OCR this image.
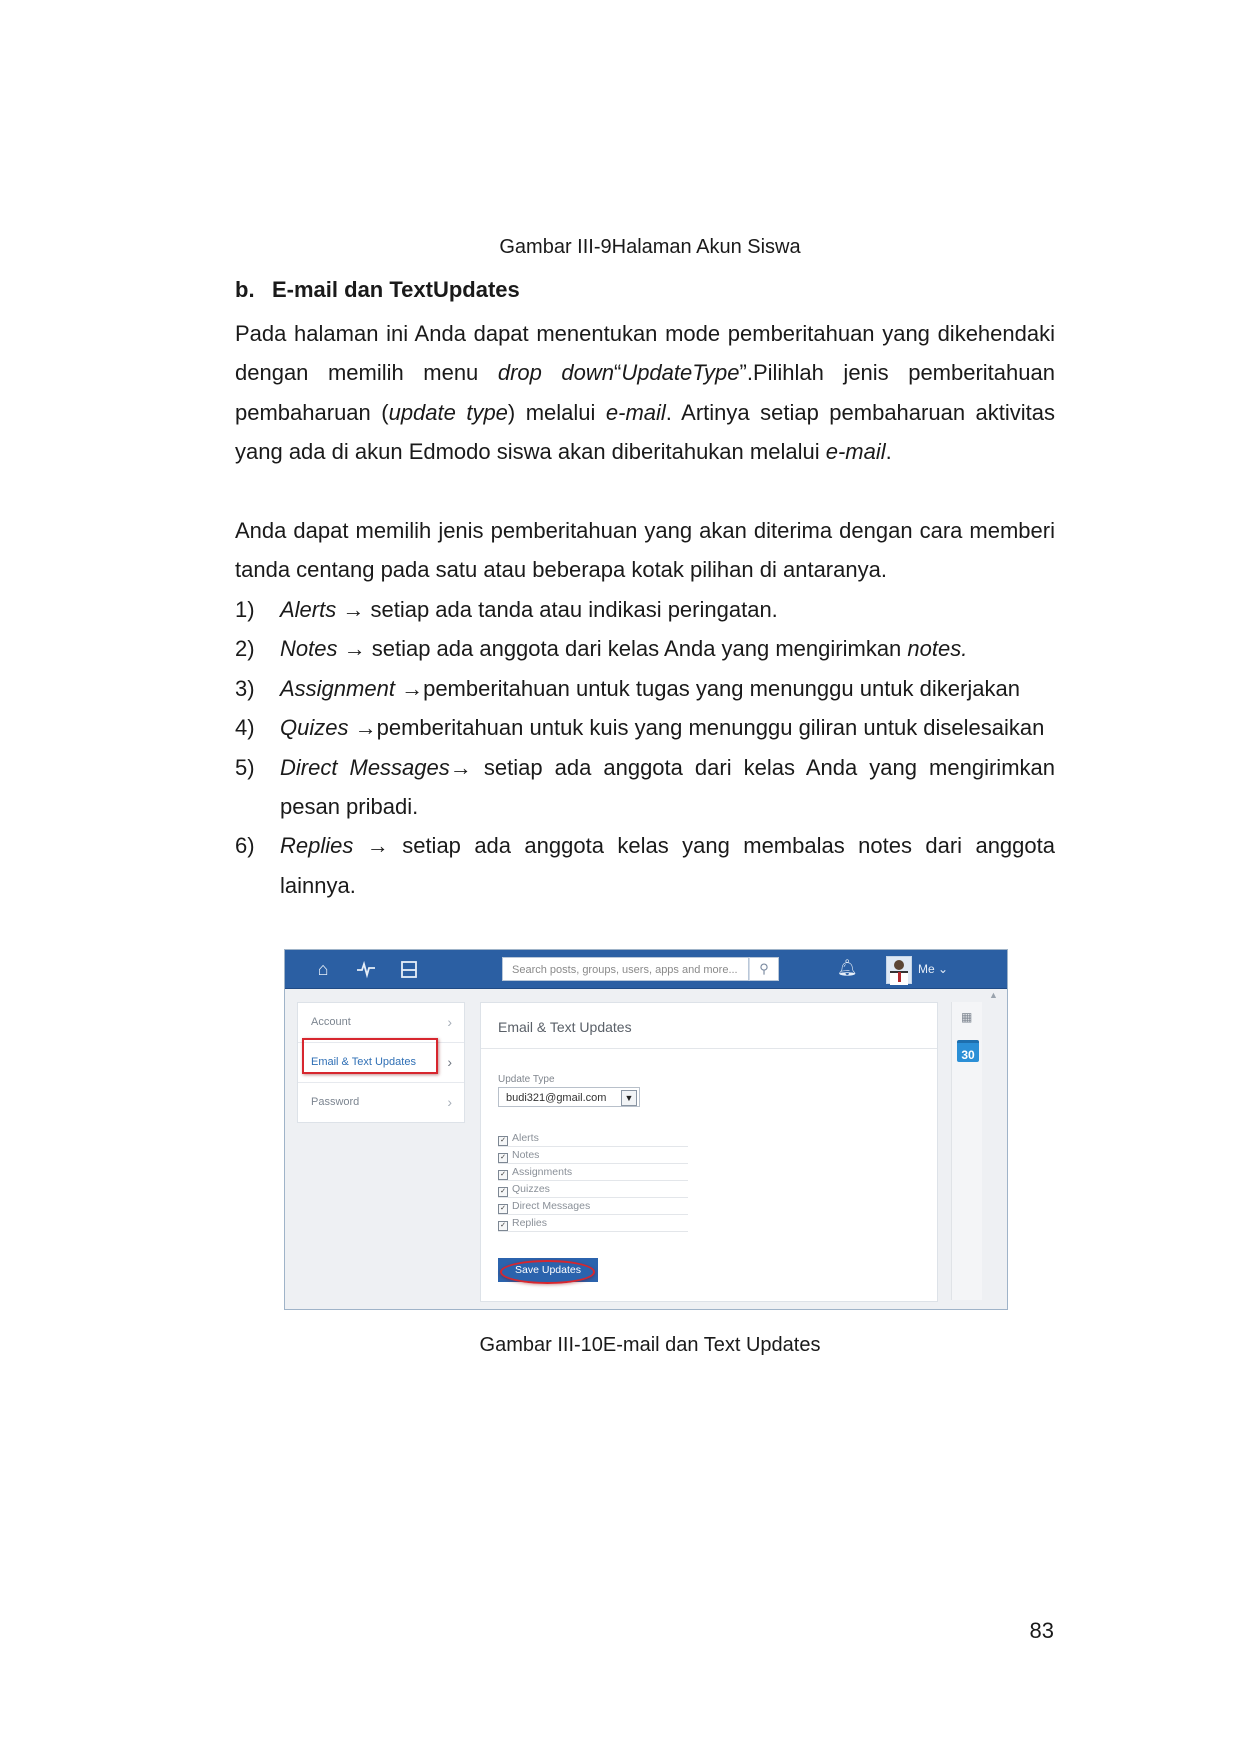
Gambar III-9Halaman Akun Siswa
b. E-mail dan TextUpdates
Pada halaman ini Anda dapat menentukan mode pemberitahuan yang dikehendaki dengan memilih menu drop down“UpdateType”.Pilihlah jenis pemberitahuan pembaharuan (update type) melalui e-mail. Artinya setiap pembaharuan aktivitas yang ada di akun Edmodo siswa akan diberitahukan melalui e-mail.
Anda dapat memilih jenis pemberitahuan yang akan diterima dengan cara memberi tanda centang pada satu atau beberapa kotak pilihan di antaranya.
1)	Alerts → setiap ada tanda atau indikasi peringatan.
2)	Notes → setiap ada anggota dari kelas Anda yang mengirimkan notes.
3)	Assignment →pemberitahuan untuk tugas yang menunggu untuk dikerjakan
4)	Quizes →pemberitahuan untuk kuis yang menunggu giliran untuk diselesaikan
5)	Direct Messages→ setiap ada anggota dari kelas Anda yang mengirimkan pesan pribadi.
6)	Replies → setiap ada anggota kelas yang membalas notes dari anggota lainnya.
⌂	Search posts, groups, users, apps and more...	⚲	🔔︎	Me ⌄
Account	›
Email & Text Updates ›
Password	›
Email & Text Updates
Update Type
budi321@gmail.com	▼
✓ Alerts
✓ Notes
✓ Assignments
✓ Quizzes
✓ Direct Messages
✓ Replies
Save Updates
▦
30
▲
Gambar III-10E-mail dan Text Updates
83
